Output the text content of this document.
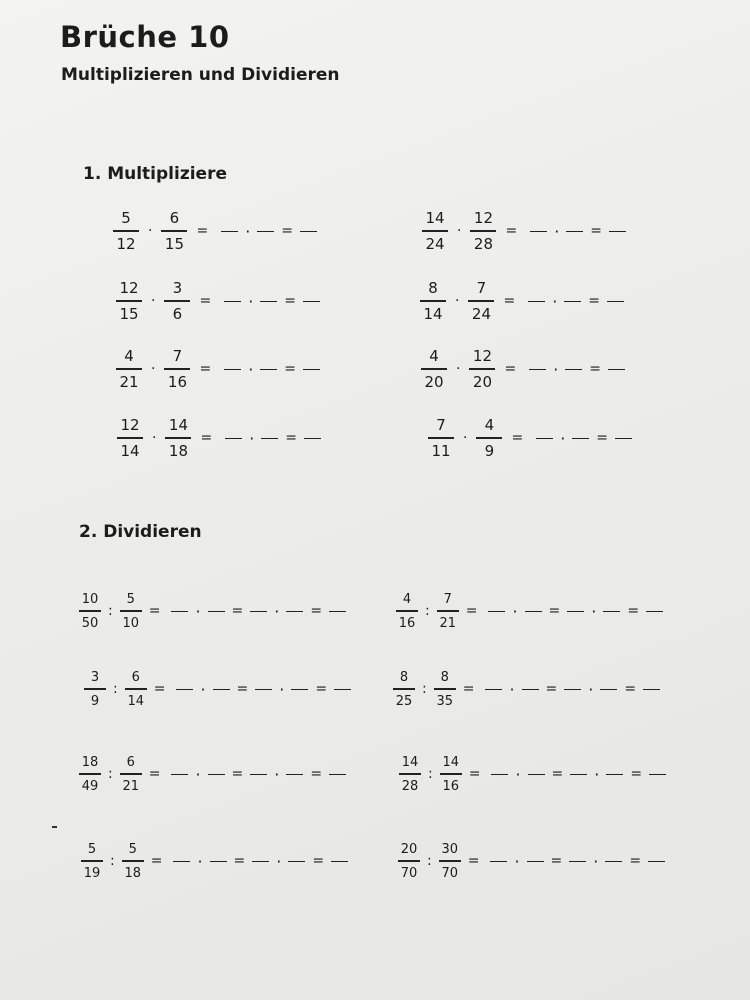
Brüche 10
Multiplizieren und Dividieren
1. Multipliziere
2. Dividieren
$\frac{5}{12} \cdot \frac{6}{15}$ = · =	$\frac{14}{24} \cdot \frac{12}{28}$ = · =
$\frac{12}{15} \cdot \frac{3}{6}$ = · =	$\frac{8}{14} \cdot \frac{7}{24}$ = · =
$\frac{4}{21} \cdot \frac{7}{16}$ = · =	$\frac{4}{20} \cdot \frac{12}{20}$ = · =
$\frac{12}{14} \cdot \frac{14}{18}$ = · =	$\frac{7}{11} \cdot \frac{4}{9}$ = · =
$\frac{10}{50}$ : $\frac{5}{10}$ = · = · =	$\frac{4}{16}$ : $\frac{7}{21}$ = · = · =
$\frac{3}{9}$ : $\frac{6}{14}$ = · = · =	$\frac{8}{25}$ : $\frac{8}{35}$ = · = · =
$\frac{18}{49}$ : $\frac{6}{21}$ = · = · =	$\frac{14}{28}$ : $\frac{14}{16}$ = · = · =
$\frac{5}{19}$ : $\frac{5}{18}$ = · = · =	$\frac{20}{70}$ : $\frac{30}{70}$ = · = · =
